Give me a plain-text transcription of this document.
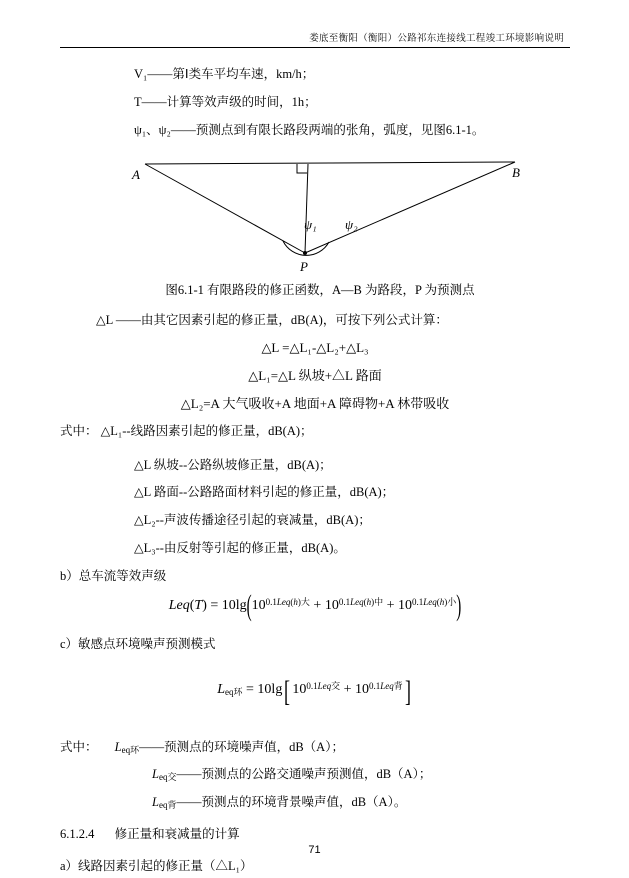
娄底至衡阳（衡阳）公路祁东连接线工程竣工环境影响说明

V₁——第Ⅰ类车平均车速，km/h；

T——计算等效声级的时间，1h；

ψ₁、ψ₂——预测点到有限长路段两端的张角，弧度，见图6.1-1。

A	B
ψ₁ ψ₂
P
图6.1-1 有限路段的修正函数，A—B 为路段，P 为预测点

△L ——由其它因素引起的修正量，dB(A)，可按下列公式计算：

△L =△L₁-△L₂+△L₃
△L₁=△L 纵坡+△L 路面
△L₂=A 大气吸收+A 地面+A 障碍物+A 林带吸收

式中： △L₁--线路因素引起的修正量，dB(A)；

△L 纵坡--公路纵坡修正量，dB(A)；

△L 路面--公路路面材料引起的修正量，dB(A)；

△L₂--声波传播途径引起的衰减量，dB(A)；

△L₃--由反射等引起的修正量，dB(A)。

b）总车流等效声级

$Leq(T) = 10\lg(10^{0.1Leq(h)大} + 10^{0.1Leq(h)中} + 10^{0.1Leq(h)小})$

c）敏感点环境噪声预测模式

$L_{eq环} = 10\lg$[ $10^{0.1Leq交} + 10^{0.1Leq背}$]

式中： $L_{eq环}——$预测点的环境噪声值，dB（A）；

$L_{eq交}——$预测点的公路交通噪声预测值，dB（A）；

$L_{eq背}——$预测点的环境背景噪声值，dB（A）。

6.1.2.4 修正量和衰减量的计算

a）线路因素引起的修正量（△L₁）

71
